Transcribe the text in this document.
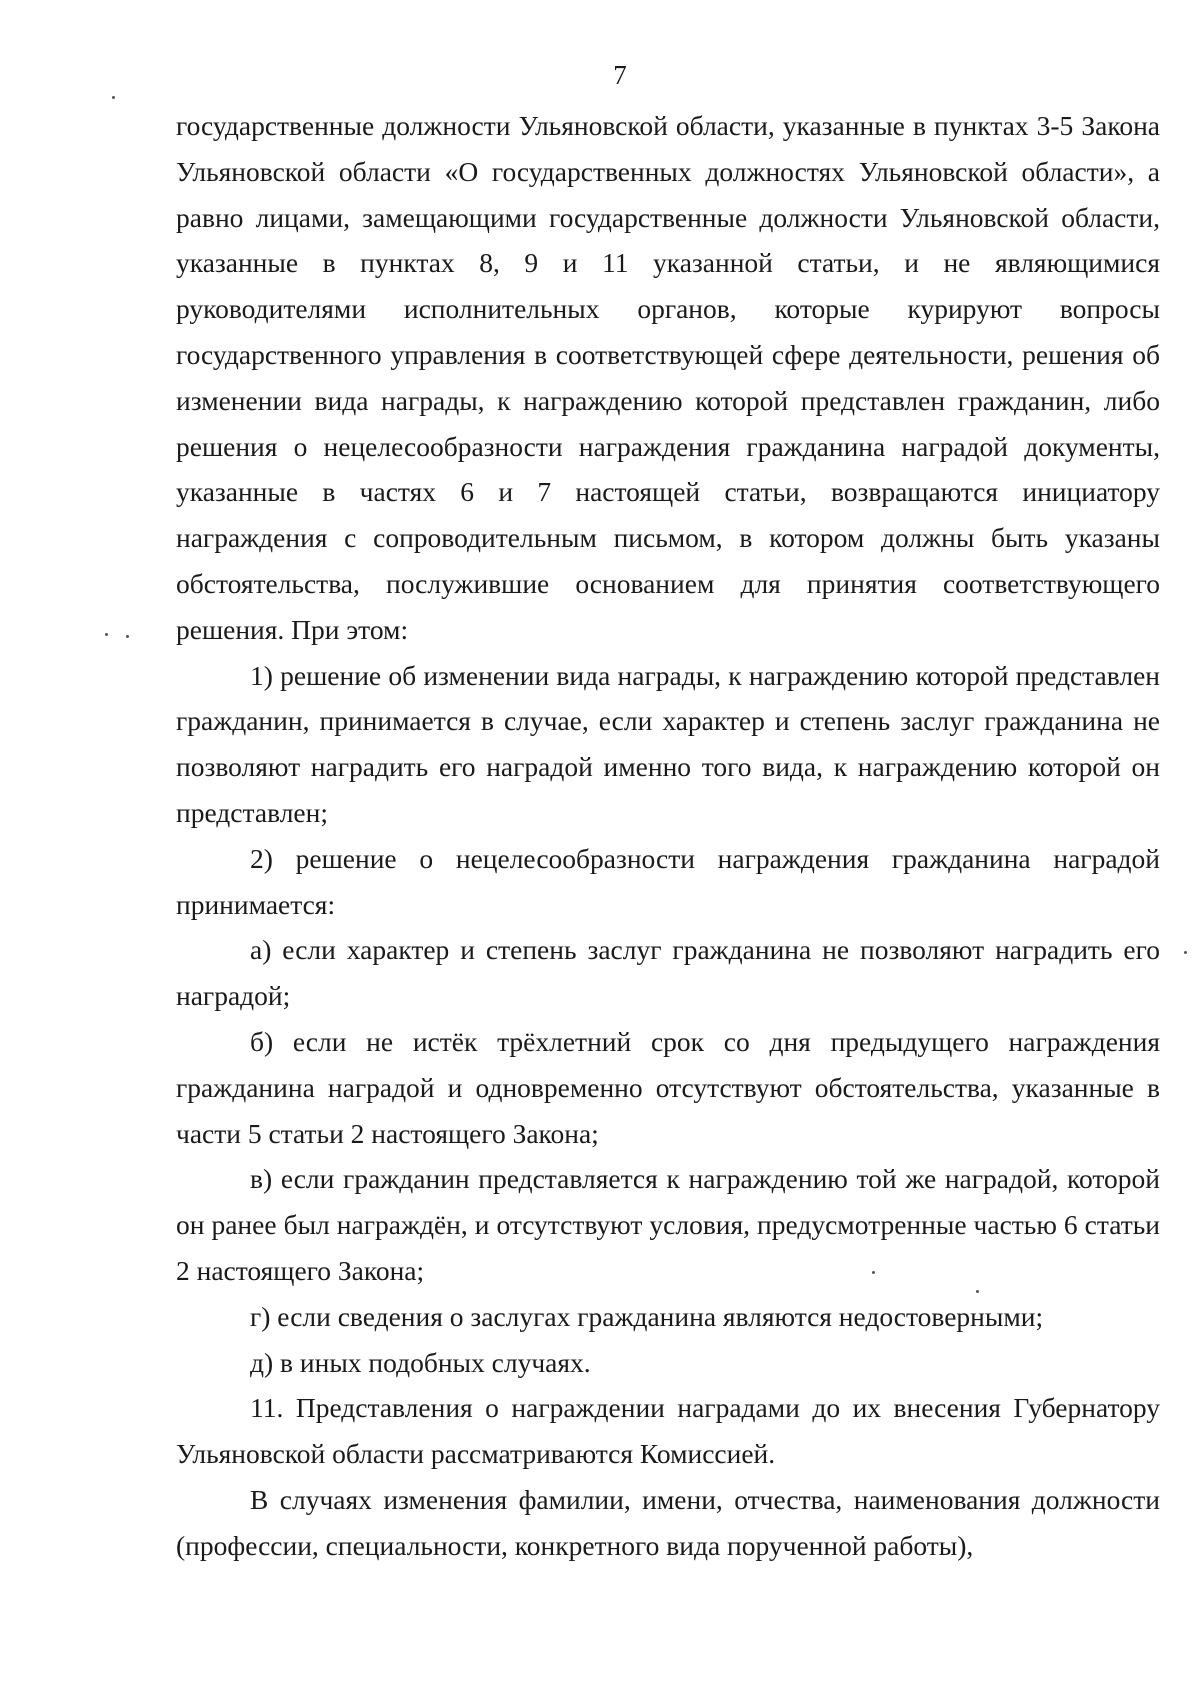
7

государственные должности Ульяновской области, указанные в пунктах 3-5 Закона Ульяновской области «О государственных должностях Ульяновской области», а равно лицами, замещающими государственные должности Ульяновской области, указанные в пунктах 8, 9 и 11 указанной статьи, и не являющимися руководителями исполнительных органов, которые курируют вопросы государственного управления в соответствующей сфере деятельности, решения об изменении вида награды, к награждению которой представлен гражданин, либо решения о нецелесообразности награждения гражданина наградой документы, указанные в частях 6 и 7 настоящей статьи, возвращаются инициатору награждения с сопроводительным письмом, в котором должны быть указаны обстоятельства, послужившие основанием для принятия соответствующего решения. При этом:

1) решение об изменении вида награды, к награждению которой представлен гражданин, принимается в случае, если характер и степень заслуг гражданина не позволяют наградить его наградой именно того вида, к награждению которой он представлен;

2) решение о нецелесообразности награждения гражданина наградой принимается:

а) если характер и степень заслуг гражданина не позволяют наградить его наградой;

б) если не истёк трёхлетний срок со дня предыдущего награждения гражданина наградой и одновременно отсутствуют обстоятельства, указанные в части 5 статьи 2 настоящего Закона;

в) если гражданин представляется к награждению той же наградой, которой он ранее был награждён, и отсутствуют условия, предусмотренные частью 6 статьи 2 настоящего Закона;

г) если сведения о заслугах гражданина являются недостоверными;

д) в иных подобных случаях.

11. Представления о награждении наградами до их внесения Губернатору Ульяновской области рассматриваются Комиссией.

В случаях изменения фамилии, имени, отчества, наименования должности (профессии, специальности, конкретного вида порученной работы),
